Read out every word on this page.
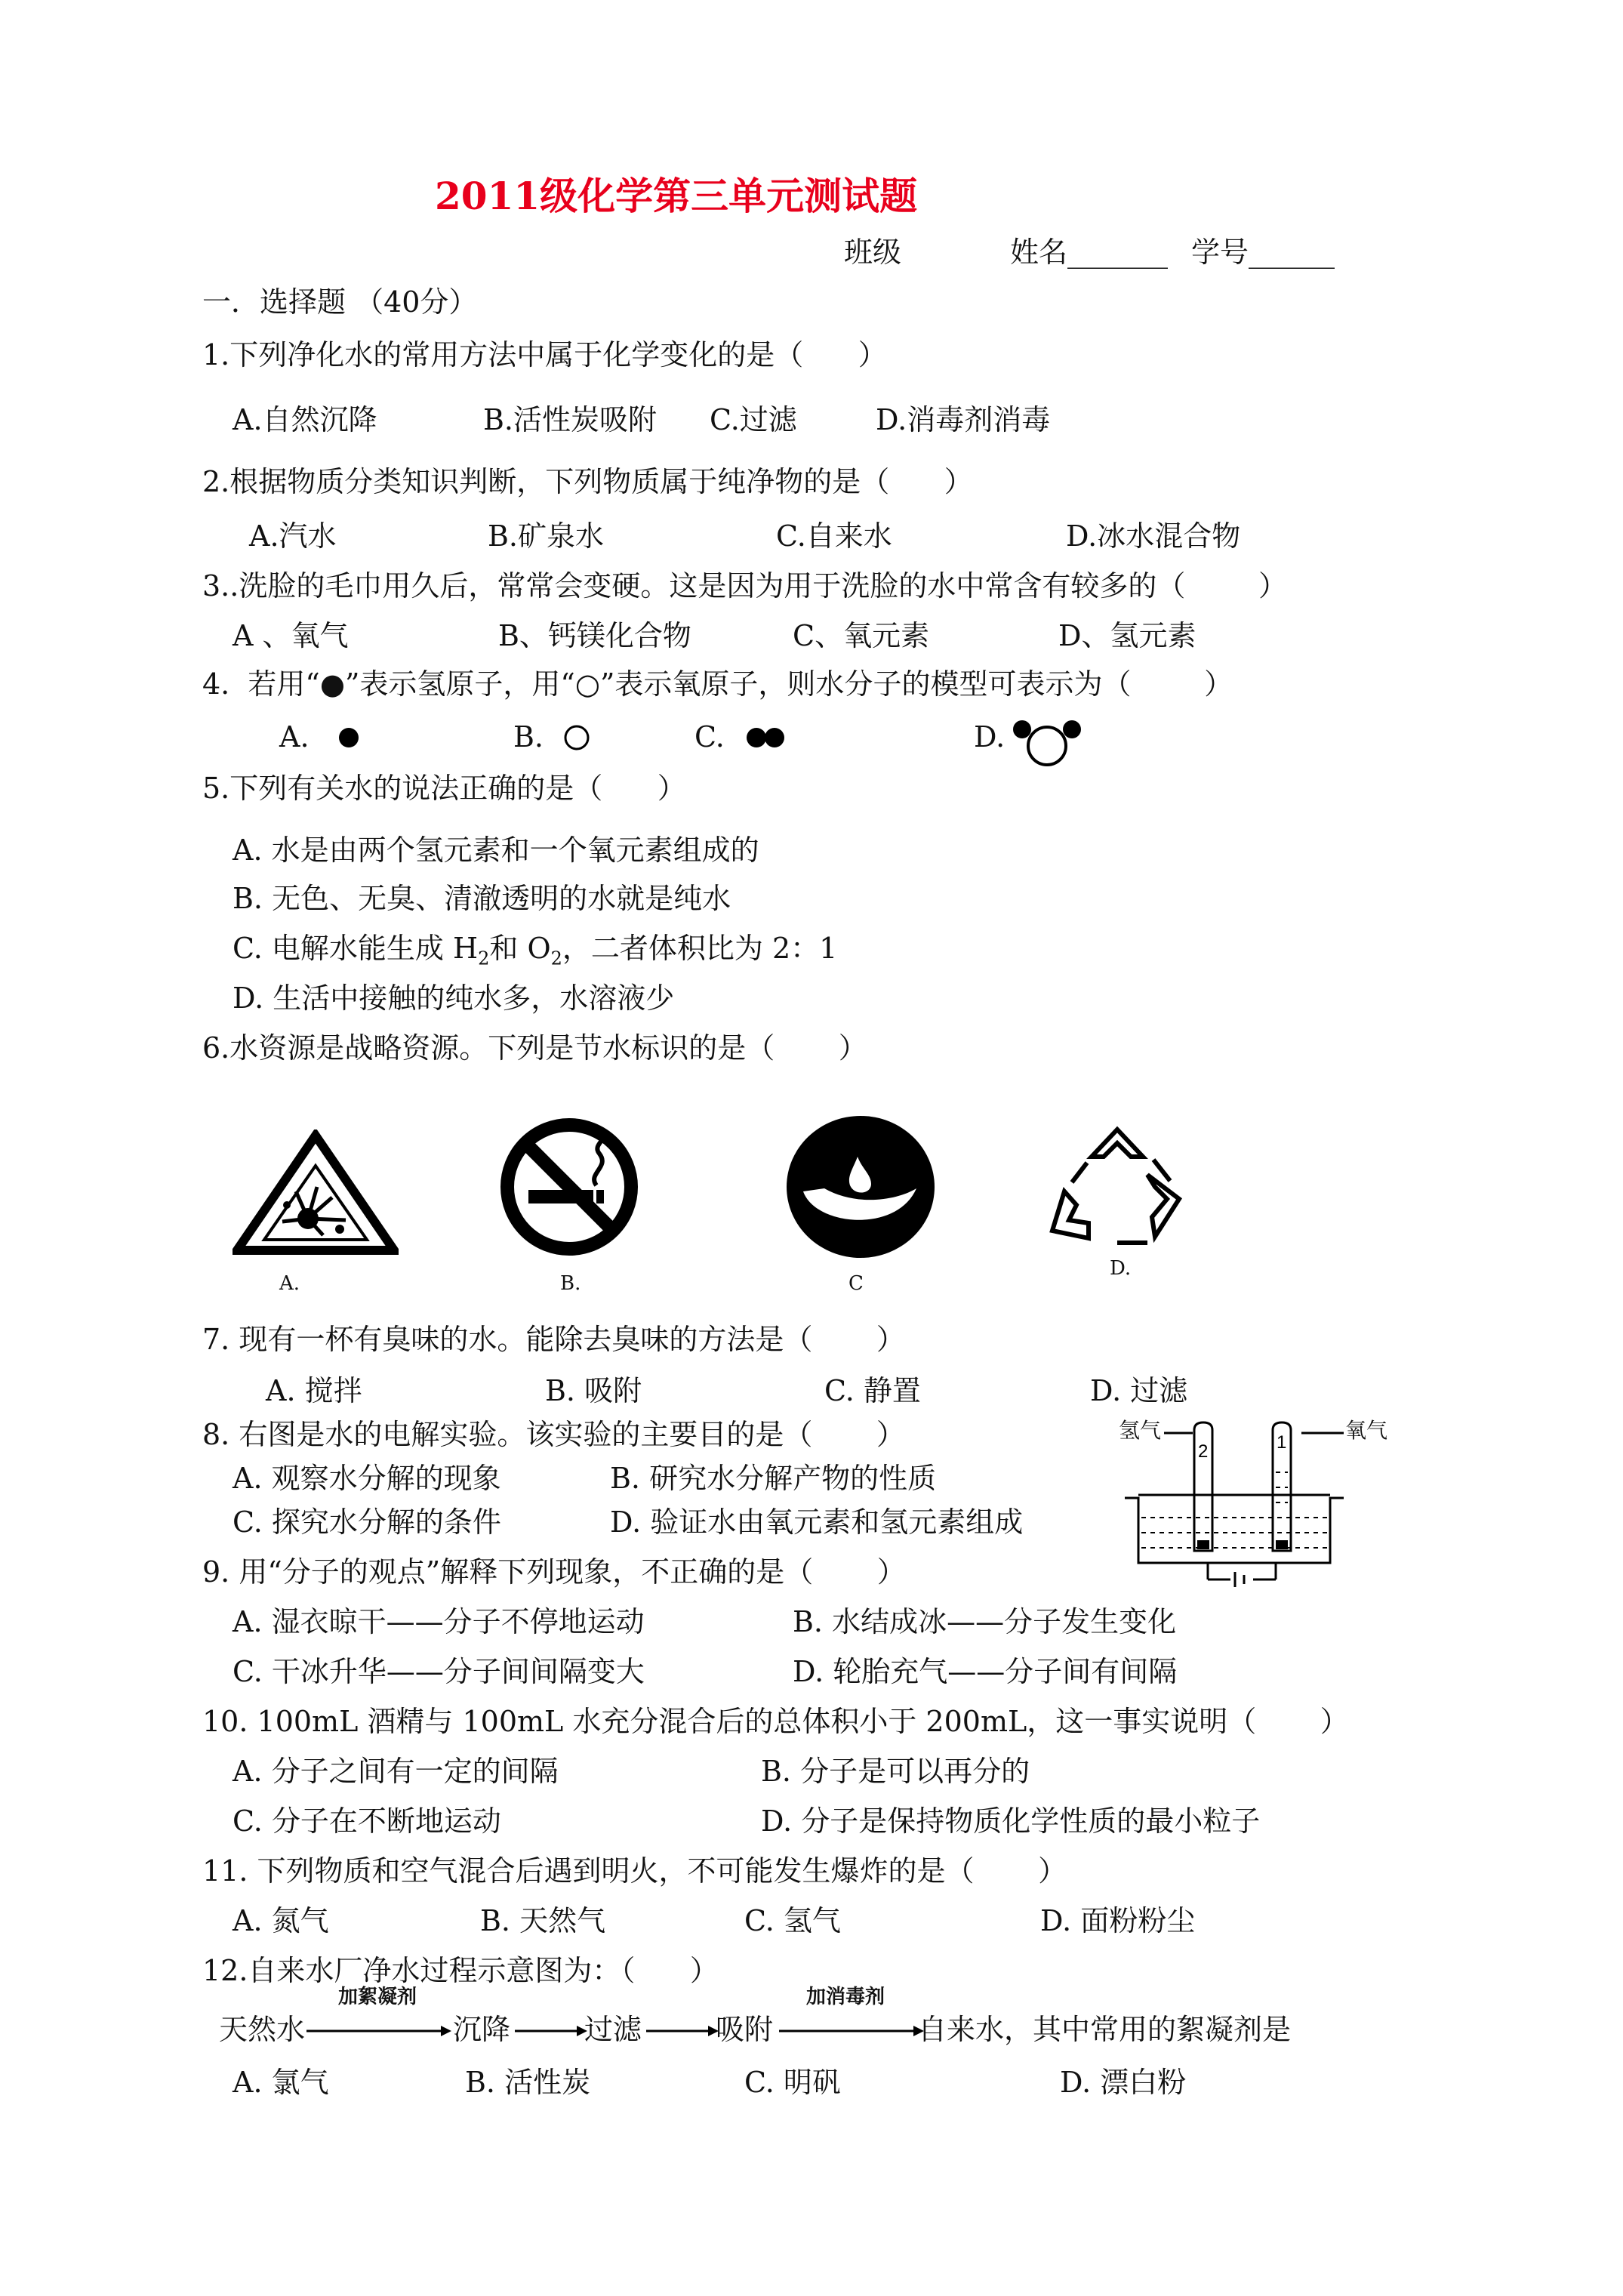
2011级化学第三单元测试题
班级	姓名_______ 学号______
一．选择题 （40分）
1.下列净化水的常用方法中属于化学变化的是（      ）
A.自然沉降	B.活性炭吸附 C.过滤	D.消毒剂消毒
2.根据物质分类知识判断，下列物质属于纯净物的是（      ）
A.汽水	B.矿泉水	C.自来水	D.冰水混合物
3..洗脸的毛巾用久后，常常会变硬。这是因为用于洗脸的水中常含有较多的（        ）
A 、氧气	B、钙镁化合物	C、氧元素	D、氢元素
4.  若用“●”表示氢原子，用“○”表示氧原子，则水分子的模型可表示为（        ）
A.	B.	C.	D.
5.下列有关水的说法正确的是（      ）
A. 水是由两个氢元素和一个氧元素组成的
B. 无色、无臭、清澈透明的水就是纯水
C. 电解水能生成 $H_2$和 $O_2$，二者体积比为 2：1
D. 生活中接触的纯水多，水溶液少
6.水资源是战略资源。下列是节水标识的是（       ）
A.	B.	C
D.
7. 现有一杯有臭味的水。能除去臭味的方法是（       ）
A. 搅拌	B. 吸附	C. 静置	D. 过滤
8. 右图是水的电解实验。该实验的主要目的是（       ）
A. 观察水分解的现象	B. 研究水分解产物的性质
C. 探究水分解的条件	D. 验证水由氧元素和氢元素组成
氢气	氧气
2	1
9. 用“分子的观点”解释下列现象，不正确的是（       ）
A. 湿衣晾干——分子不停地运动	B. 水结成冰——分子发生变化
C. 干冰升华——分子间间隔变大	D. 轮胎充气——分子间有间隔
10. 100mL 酒精与 100mL 水充分混合后的总体积小于 200mL，这一事实说明（       ）
A. 分子之间有一定的间隔	B. 分子是可以再分的
C. 分子在不断地运动	D. 分子是保持物质化学性质的最小粒子
11. 下列物质和空气混合后遇到明火，不可能发生爆炸的是（       ）
A. 氮气	B. 天然气	C. 氢气	D. 面粉粉尘
12.自来水厂净水过程示意图为：（      ）
天然水
加絮凝剂
沉降	过滤	吸附
加消毒剂
自来水，其中常用的絮凝剂是
A. 氯气	B. 活性炭	C. 明矾	D. 漂白粉
